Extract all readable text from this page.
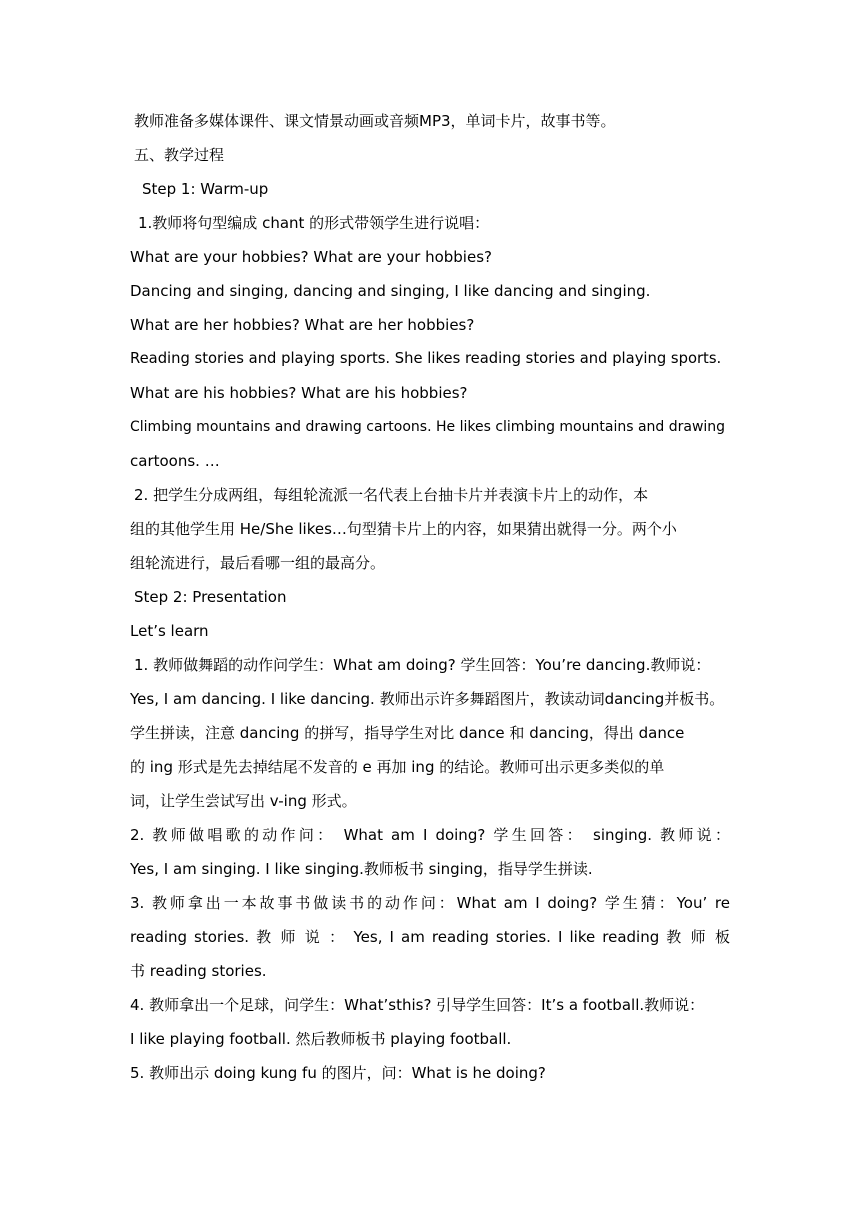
教师准备多媒体课件、课文情景动画或音频MP3，单词卡片，故事书等。
五、教学过程
Step 1: Warm-up
1.教师将句型编成 chant 的形式带领学生进行说唱：
What are your hobbies? What are your hobbies?
Dancing and singing, dancing and singing, I like dancing and singing.
What are her hobbies? What are her hobbies?
Reading stories and playing sports. She likes reading stories and playing sports.
What are his hobbies? What are his hobbies?
Climbing mountains and drawing cartoons. He likes climbing mountains and drawing
cartoons. …
2. 把学生分成两组，每组轮流派一名代表上台抽卡片并表演卡片上的动作，本
组的其他学生用 He/She likes…句型猜卡片上的内容，如果猜出就得一分。两个小
组轮流进行，最后看哪一组的最高分。
Step 2: Presentation
Let’s learn
1. 教师做舞蹈的动作问学生：What am doing? 学生回答：You’re dancing.教师说：
Yes, I am dancing. I like dancing. 教师出示许多舞蹈图片，教读动词dancing并板书。
学生拼读，注意 dancing 的拼写，指导学生对比 dance 和 dancing，得出 dance
的 ing 形式是先去掉结尾不发音的 e 再加 ing 的结论。教师可出示更多类似的单
词，让学生尝试写出 v-ing 形式。
2. 教师做唱歌的动作问： What am I doing? 学生回答： singing. 教师说：
Yes, I am singing. I like singing.教师板书 singing，指导学生拼读.
3. 教师拿出一本故事书做读书的动作问：What am I doing? 学生猜：You’ re
reading stories. 教 师 说 ： Yes, I am reading stories. I like reading 教 师 板
书 reading stories.
4. 教师拿出一个足球，问学生：What’sthis? 引导学生回答：It’s a football.教师说：
I like playing football. 然后教师板书 playing football.
5. 教师出示 doing kung fu 的图片，问：What is he doing?
